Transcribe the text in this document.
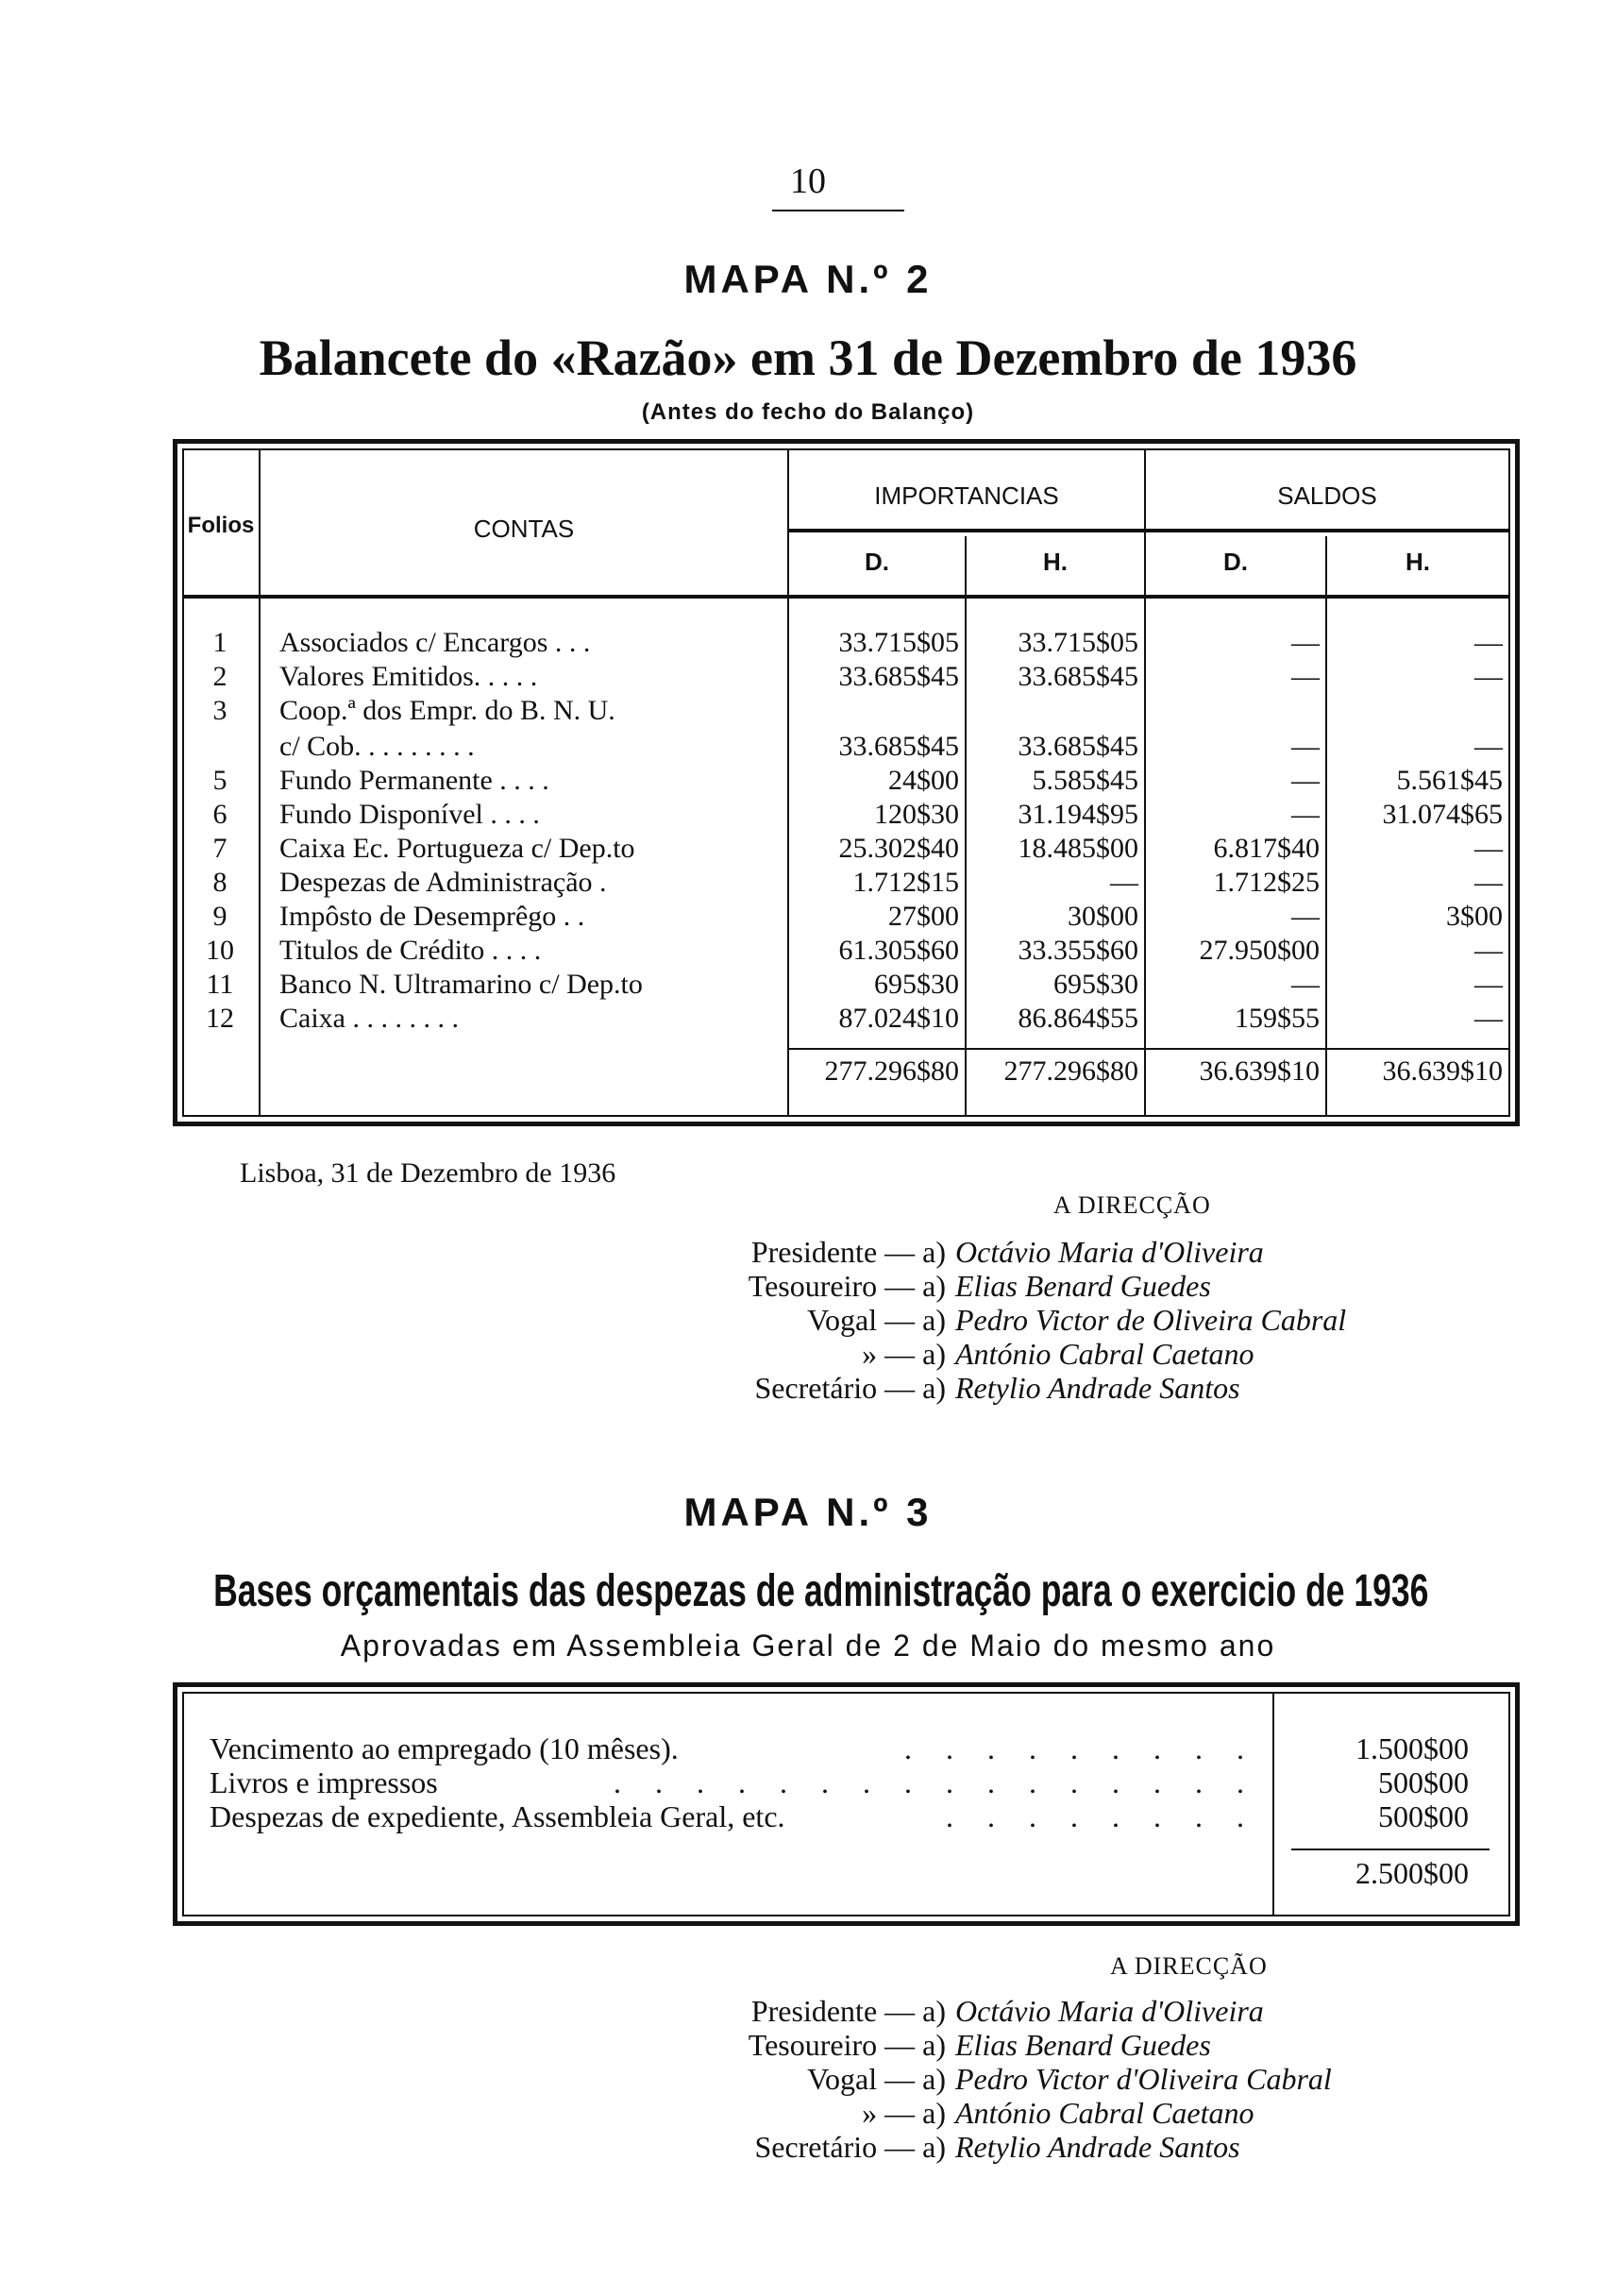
10
MAPA N.º 2
Balancete do «Razão» em 31 de Dezembro de 1936
(Antes do fecho do Balanço)
Folios	CONTAS
IMPORTANCIAS	SALDOS
D.	H.	D.	H.
1	Associados c/ Encargos . . .	33.715$05	33.715$05	—	—
2	Valores Emitidos. . . . .	33.685$45	33.685$45	—	—
3	Coop.ª dos Empr. do B. N. U.
c/ Cob. . . . . . . . .	33.685$45	33.685$45	—	—
5	Fundo Permanente . . . .	24$00	5.585$45	—	5.561$45
6	Fundo Disponível . . . .	120$30	31.194$95	—	31.074$65
7	Caixa Ec. Portugueza c/ Dep.to	25.302$40	18.485$00	6.817$40	—
8	Despezas de Administração .	1.712$15	—	1.712$25	—
9	Impôsto de Desemprêgo . .	27$00	30$00	—	3$00
10	Titulos de Crédito . . . .	61.305$60	33.355$60	27.950$00	—
11	Banco N. Ultramarino c/ Dep.to	695$30	695$30	—	—
12	Caixa . . . . . . . .	87.024$10	86.864$55	159$55	—
277.296$80	277.296$80	36.639$10	36.639$10
Lisboa, 31 de Dezembro de 1936
A DIRECÇÃO
Presidente — a) Octávio Maria d'Oliveira
Tesoureiro — a) Elias Benard Guedes
Vogal — a) Pedro Victor de Oliveira Cabral
» — a) António Cabral Caetano
Secretário — a) Retylio Andrade Santos
MAPA N.º 3
Bases orçamentais das despezas de administração para o exercicio de 1936
Aprovadas em Assembleia Geral de 2 de Maio do mesmo ano
Vencimento ao empregado (10 mêses).	. . . . . . . . .	1.500$00
Livros e impressos	. . . . . . . . . . . . . . . .	500$00
Despezas de expediente, Assembleia Geral, etc.	. . . . . . . .	500$00
2.500$00
A DIRECÇÃO
Presidente — a) Octávio Maria d'Oliveira
Tesoureiro — a) Elias Benard Guedes
Vogal — a) Pedro Victor d'Oliveira Cabral
» — a) António Cabral Caetano
Secretário — a) Retylio Andrade Santos
